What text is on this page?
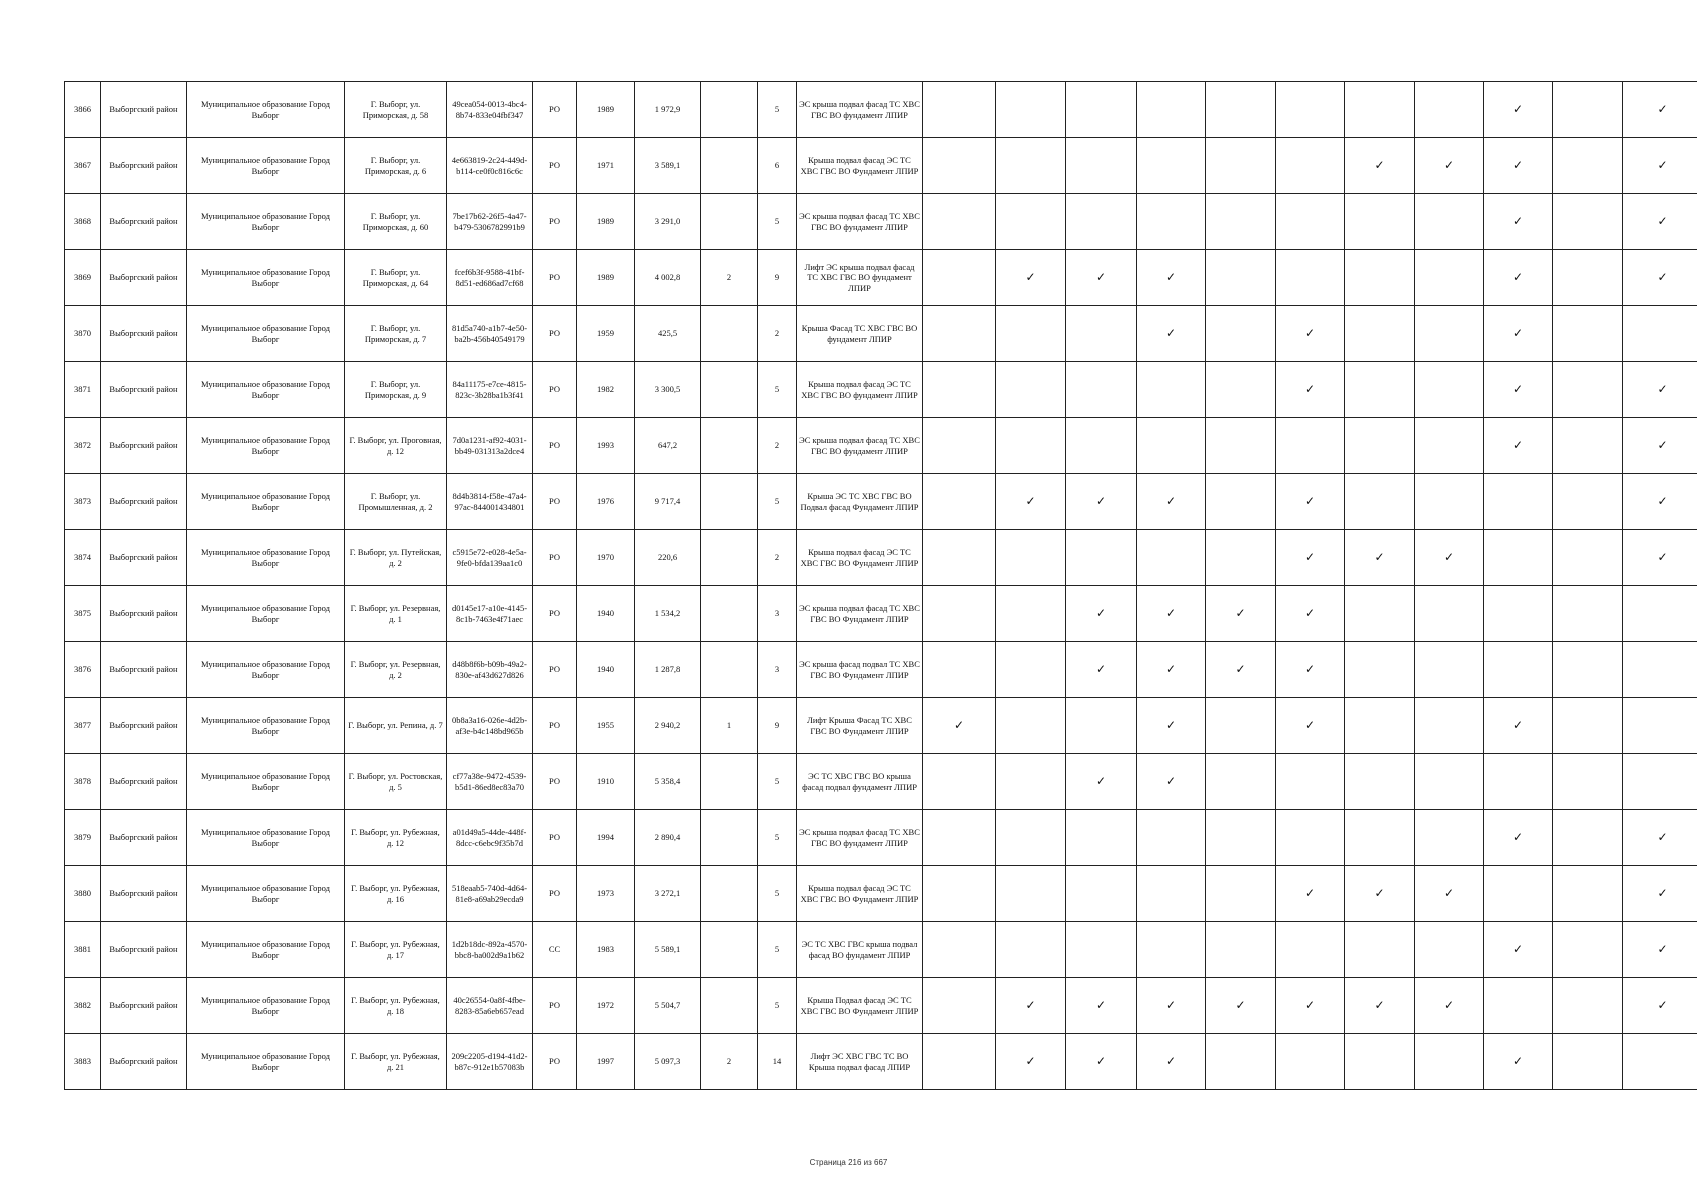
3866	Выборгский район	Муниципальное образование Город Выборг	Г. Выборг, ул. Приморская, д. 58	49cea054-0013-4bc4-8b74-833e04fbf347	РО	1989	1 972,9		5	ЭС крыша подвал фасад ТС ХВС ГВС ВО фундамент ЛПИР									✓		✓
3867	Выборгский район	Муниципальное образование Город Выборг	Г. Выборг, ул. Приморская, д. 6	4e663819-2c24-449d-b114-ce0f0c816c6c	РО	1971	3 589,1		6	Крыша подвал фасад ЭС ТС ХВС ГВС ВО Фундамент ЛПИР							✓	✓	✓		✓
3868	Выборгский район	Муниципальное образование Город Выборг	Г. Выборг, ул. Приморская, д. 60	7be17b62-26f5-4a47-b479-5306782991b9	РО	1989	3 291,0		5	ЭС крыша подвал фасад ТС ХВС ГВС ВО фундамент ЛПИР									✓		✓
3869	Выборгский район	Муниципальное образование Город Выборг	Г. Выборг, ул. Приморская, д. 64	fcef6b3f-9588-41bf-8d51-ed686ad7cf68	РО	1989	4 002,8	2	9	Лифт ЭС крыша подвал фасад ТС ХВС ГВС ВО фундамент ЛПИР		✓	✓	✓					✓		✓
3870	Выборгский район	Муниципальное образование Город Выборг	Г. Выборг, ул. Приморская, д. 7	81d5a740-a1b7-4e50-ba2b-456b40549179	РО	1959	425,5		2	Крыша Фасад ТС ХВС ГВС ВО фундамент ЛПИР				✓		✓			✓		
3871	Выборгский район	Муниципальное образование Город Выборг	Г. Выборг, ул. Приморская, д. 9	84a11175-e7ce-4815-823c-3b28ba1b3f41	РО	1982	3 300,5		5	Крыша подвал фасад ЭС ТС ХВС ГВС ВО фундамент ЛПИР						✓			✓		✓
3872	Выборгский район	Муниципальное образование Город Выборг	Г. Выборг, ул. Проговная, д. 12	7d0a1231-af92-4031-bb49-031313a2dce4	РО	1993	647,2		2	ЭС крыша подвал фасад ТС ХВС ГВС ВО фундамент ЛПИР									✓		✓
3873	Выборгский район	Муниципальное образование Город Выборг	Г. Выборг, ул. Промышленная, д. 2	8d4b3814-f58e-47a4-97ac-844001434801	РО	1976	9 717,4		5	Крыша ЭС ТС ХВС ГВС ВО Подвал фасад Фундамент ЛПИР		✓	✓	✓		✓					✓
3874	Выборгский район	Муниципальное образование Город Выборг	Г. Выборг, ул. Путейская, д. 2	c5915e72-e028-4e5a-9fe0-bfda139aa1c0	РО	1970	220,6		2	Крыша подвал фасад ЭС ТС ХВС ГВС ВО Фундамент ЛПИР						✓	✓	✓			✓
3875	Выборгский район	Муниципальное образование Город Выборг	Г. Выборг, ул. Резервная, д. 1	d0145e17-a10e-4145-8c1b-7463e4f71aec	РО	1940	1 534,2		3	ЭС крыша подвал фасад ТС ХВС ГВС ВО Фундамент ЛПИР			✓	✓	✓	✓					
3876	Выборгский район	Муниципальное образование Город Выборг	Г. Выборг, ул. Резервная, д. 2	d48b8f6b-b09b-49a2-830e-af43d627d826	РО	1940	1 287,8		3	ЭС крыша фасад подвал ТС ХВС ГВС ВО Фундамент ЛПИР			✓	✓	✓	✓					
3877	Выборгский район	Муниципальное образование Город Выборг	Г. Выборг, ул. Репина, д. 7	0b8a3a16-026e-4d2b-af3e-b4c148bd965b	РО	1955	2 940,2	1	9	Лифт Крыша Фасад ТС ХВС ГВС ВО Фундамент ЛПИР	✓			✓		✓			✓		
3878	Выборгский район	Муниципальное образование Город Выборг	Г. Выборг, ул. Ростовская, д. 5	cf77a38e-9472-4539-b5d1-86ed8ec83a70	РО	1910	5 358,4		5	ЭС ТС ХВС ГВС ВО крыша фасад подвал фундамент ЛПИР			✓	✓							
3879	Выборгский район	Муниципальное образование Город Выборг	Г. Выборг, ул. Рубежная, д. 12	a01d49a5-44de-448f-8dcc-c6ebc9f35b7d	РО	1994	2 890,4		5	ЭС крыша подвал фасад ТС ХВС ГВС ВО фундамент ЛПИР									✓		✓
3880	Выборгский район	Муниципальное образование Город Выборг	Г. Выборг, ул. Рубежная, д. 16	518eaab5-740d-4d64-81e8-a69ab29ecda9	РО	1973	3 272,1		5	Крыша подвал фасад ЭС ТС ХВС ГВС ВО Фундамент ЛПИР						✓	✓	✓			✓
3881	Выборгский район	Муниципальное образование Город Выборг	Г. Выборг, ул. Рубежная, д. 17	1d2b18dc-892a-4570-bbc8-ba002d9a1b62	СС	1983	5 589,1		5	ЭС ТС ХВС ГВС крыша подвал фасад ВО фундамент ЛПИР									✓		✓
3882	Выборгский район	Муниципальное образование Город Выборг	Г. Выборг, ул. Рубежная, д. 18	40c26554-0a8f-4fbe-8283-85a6eb657ead	РО	1972	5 504,7		5	Крыша Подвал фасад ЭС ТС ХВС ГВС ВО Фундамент ЛПИР		✓	✓	✓	✓	✓	✓	✓			✓
3883	Выборгский район	Муниципальное образование Город Выборг	Г. Выборг, ул. Рубежная, д. 21	209c2205-d194-41d2-b87c-912e1b57083b	РО	1997	5 097,3	2	14	Лифт ЭС ХВС ГВС ТС ВО Крыша подвал фасад ЛПИР		✓	✓	✓					✓		
Страница 216 из 667
